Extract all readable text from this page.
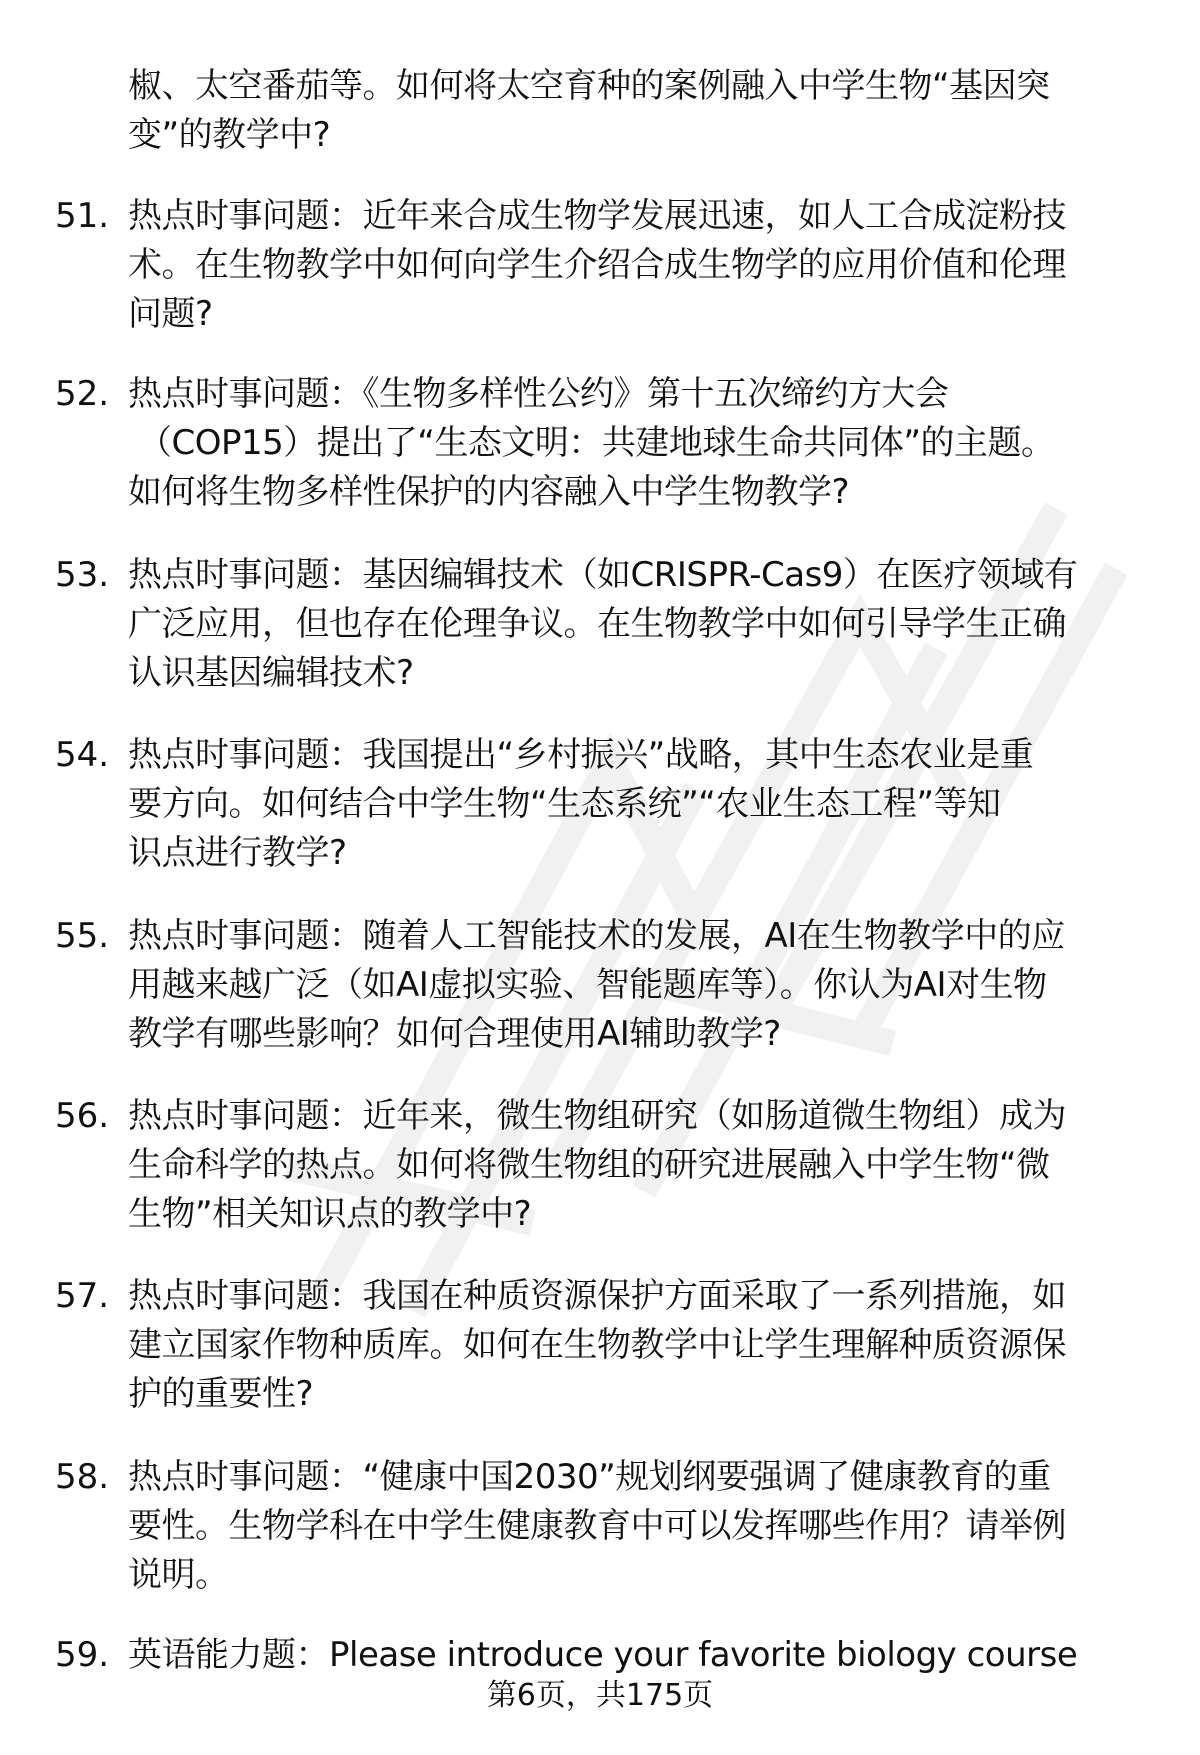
椒、太空番茄等。如何将太空育种的案例融入中学生物“基因突
变”的教学中?
51. 热点时事问题：近年来合成生物学发展迅速，如人工合成淀粉技
术。在生物教学中如何向学生介绍合成生物学的应用价值和伦理
问题?
52. 热点时事问题：《生物多样性公约》第十五次缔约方大会
（COP15）提出了“生态文明：共建地球生命共同体”的主题。
如何将生物多样性保护的内容融入中学生物教学?
53. 热点时事问题：基因编辑技术（如CRISPR-Cas9）在医疗领域有
广泛应用，但也存在伦理争议。在生物教学中如何引导学生正确
认识基因编辑技术?
54. 热点时事问题：我国提出“乡村振兴”战略，其中生态农业是重
要方向。如何结合中学生物“生态系统”“农业生态工程”等知
识点进行教学?
55. 热点时事问题：随着人工智能技术的发展，AI在生物教学中的应
用越来越广泛（如AI虚拟实验、智能题库等）。你认为AI对生物
教学有哪些影响？如何合理使用AI辅助教学?
56. 热点时事问题：近年来，微生物组研究（如肠道微生物组）成为
生命科学的热点。如何将微生物组的研究进展融入中学生物“微
生物”相关知识点的教学中?
57. 热点时事问题：我国在种质资源保护方面采取了一系列措施，如
建立国家作物种质库。如何在生物教学中让学生理解种质资源保
护的重要性?
58. 热点时事问题：“健康中国2030”规划纲要强调了健康教育的重
要性。生物学科在中学生健康教育中可以发挥哪些作用？请举例
说明。
59. 英语能力题：Please introduce your favorite biology course
第6页，共175页
